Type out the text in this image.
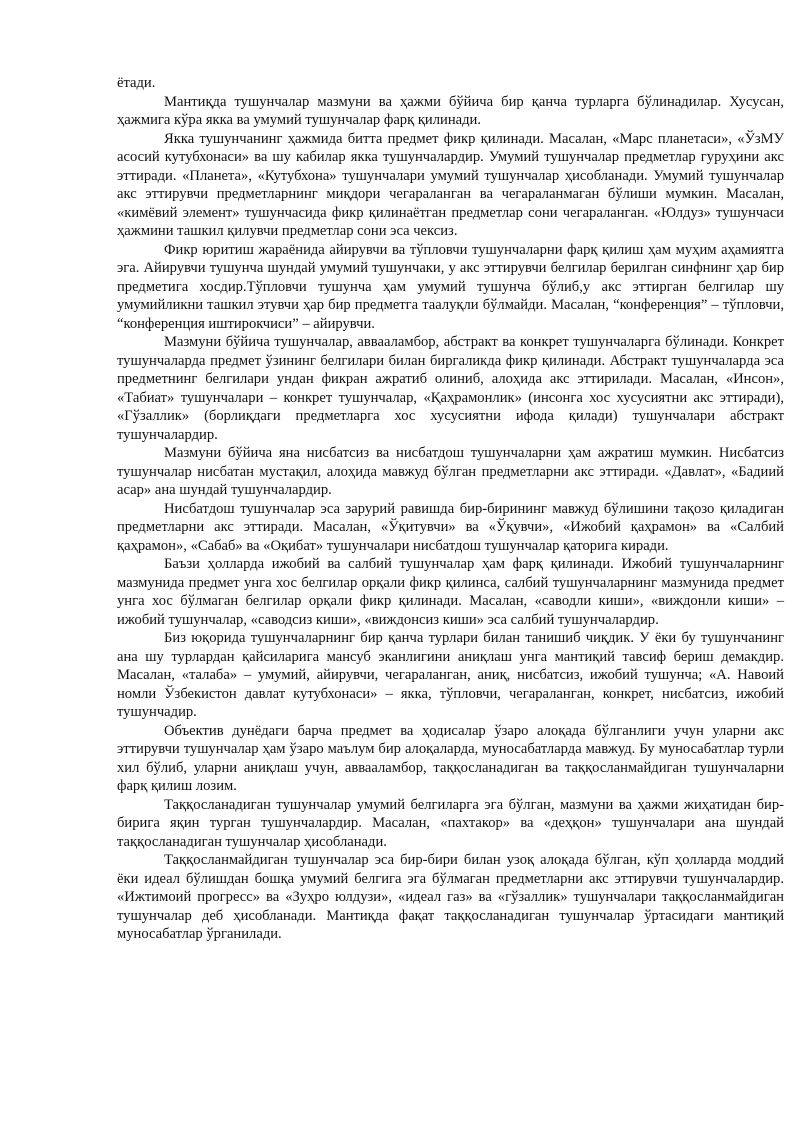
ётади.

Мантиқда тушунчалар мазмуни ва ҳажми бўйича бир қанча турларга бўлинадилар. Хусусан, ҳажмига кўра якка ва умумий тушунчалар фарқ қилинади.

Якка тушунчанинг ҳажмида битта предмет фикр қилинади. Масалан, «Марс планетаси», «ЎзМУ асосий кутубхонаси» ва шу кабилар якка тушунчалардир. Умумий тушунчалар предметлар гуруҳини акс эттиради. «Планета», «Кутубхона» тушунчалари умумий тушунчалар ҳисобланади. Умумий тушунчалар акс эттирувчи предметларнинг миқдори чегараланган ва чегараланмаган бўлиши мумкин. Масалан, «кимёвий элемент» тушунчасида фикр қилинаётган предметлар сони чегараланган. «Юлдуз» тушунчаси ҳажмини ташкил қилувчи предметлар сони эса чексиз.

Фикр юритиш жараёнида айирувчи ва тўпловчи тушунчаларни фарқ қилиш ҳам муҳим аҳамиятга эга. Айирувчи тушунча шундай умумий тушунчаки, у акс эттирувчи белгилар берилган синфнинг ҳар бир предметига хосдир.Тўпловчи тушунча ҳам умумий тушунча бўлиб,у акс эттирган белгилар шу умумийликни ташкил этувчи ҳар бир предметга таалуқли бўлмайди. Масалан, “конференция” – тўпловчи, “конференция иштирокчиси” – айирувчи.

Мазмуни бўйича тушунчалар, аввааламбор, абстракт ва конкрет тушунчаларга бўлинади. Конкрет тушунчаларда предмет ўзининг белгилари билан биргаликда фикр қилинади. Абстракт тушунчаларда эса предметнинг белгилари ундан фикран ажратиб олиниб, алоҳида акс эттирилади. Масалан, «Инсон», «Табиат» тушунчалари – конкрет тушунчалар, «Қаҳрамонлик» (инсонга хос хусусиятни акс эттиради), «Гўзаллик» (борлиқдаги предметларга хос хусусиятни ифода қилади) тушунчалари абстракт тушунчалардир.

Мазмуни бўйича яна нисбатсиз ва нисбатдош тушунчаларни ҳам ажратиш мумкин. Нисбатсиз тушунчалар нисбатан мустақил, алоҳида мавжуд бўлган предметларни акс эттиради. «Давлат», «Бадиий асар» ана шундай тушунчалардир.

Нисбатдош тушунчалар эса зарурий равишда бир-бирининг мавжуд бўлишини тақозо қиладиган предметларни акс эттиради. Масалан, «Ўқитувчи» ва «Ўқувчи», «Ижобий қаҳрамон» ва «Салбий қаҳрамон», «Сабаб» ва «Оқибат» тушунчалари нисбатдош тушунчалар қаторига киради.

Баъзи ҳолларда ижобий ва салбий тушунчалар ҳам фарқ қилинади. Ижобий тушунчаларнинг мазмунида предмет унга хос белгилар орқали фикр қилинса, салбий тушунчаларнинг мазмунида предмет унга хос бўлмаган белгилар орқали фикр қилинади. Масалан, «саводли киши», «виждонли киши» – ижобий тушунчалар, «саводсиз киши», «виждонсиз киши» эса салбий тушунчалардир.

Биз юқорида тушунчаларнинг бир қанча турлари билан танишиб чиқдик. У ёки бу тушунчанинг ана шу турлардан қайсиларига мансуб эканлигини аниқлаш унга мантиқий тавсиф бериш демакдир. Масалан, «талаба» – умумий, айирувчи, чегараланган, аниқ, нисбатсиз, ижобий тушунча; «А. Навоий номли Ўзбекистон давлат кутубхонаси» – якка, тўпловчи, чегараланган, конкрет, нисбатсиз, ижобий тушунчадир.

Объектив дунёдаги барча предмет ва ҳодисалар ўзаро алоқада бўлганлиги учун уларни акс эттирувчи тушунчалар ҳам ўзаро маълум бир алоқаларда, муносабатларда мавжуд. Бу муносабатлар турли хил бўлиб, уларни аниқлаш учун, аввааламбор, таққосланадиган ва таққосланмайдиган тушунчаларни фарқ қилиш лозим.

Таққосланадиган тушунчалар умумий белгиларга эга бўлган, мазмуни ва ҳажми жиҳатидан бир-бирига яқин турган тушунчалардир. Масалан, «пахтакор» ва «деҳқон» тушунчалари ана шундай таққосланадиган тушунчалар ҳисобланади.

Таққосланмайдиган тушунчалар эса бир-бири билан узоқ алоқада бўлган, кўп ҳолларда моддий ёки идеал бўлишдан бошқа умумий белгига эга бўлмаган предметларни акс эттирувчи тушунчалардир. «Ижтимоий прогресс» ва «Зуҳро юлдузи», «идеал газ» ва «гўзаллик» тушунчалари таққосланмайдиган тушунчалар деб ҳисобланади. Мантиқда фақат таққосланадиган тушунчалар ўртасидаги мантиқий муносабатлар ўрганилади.
